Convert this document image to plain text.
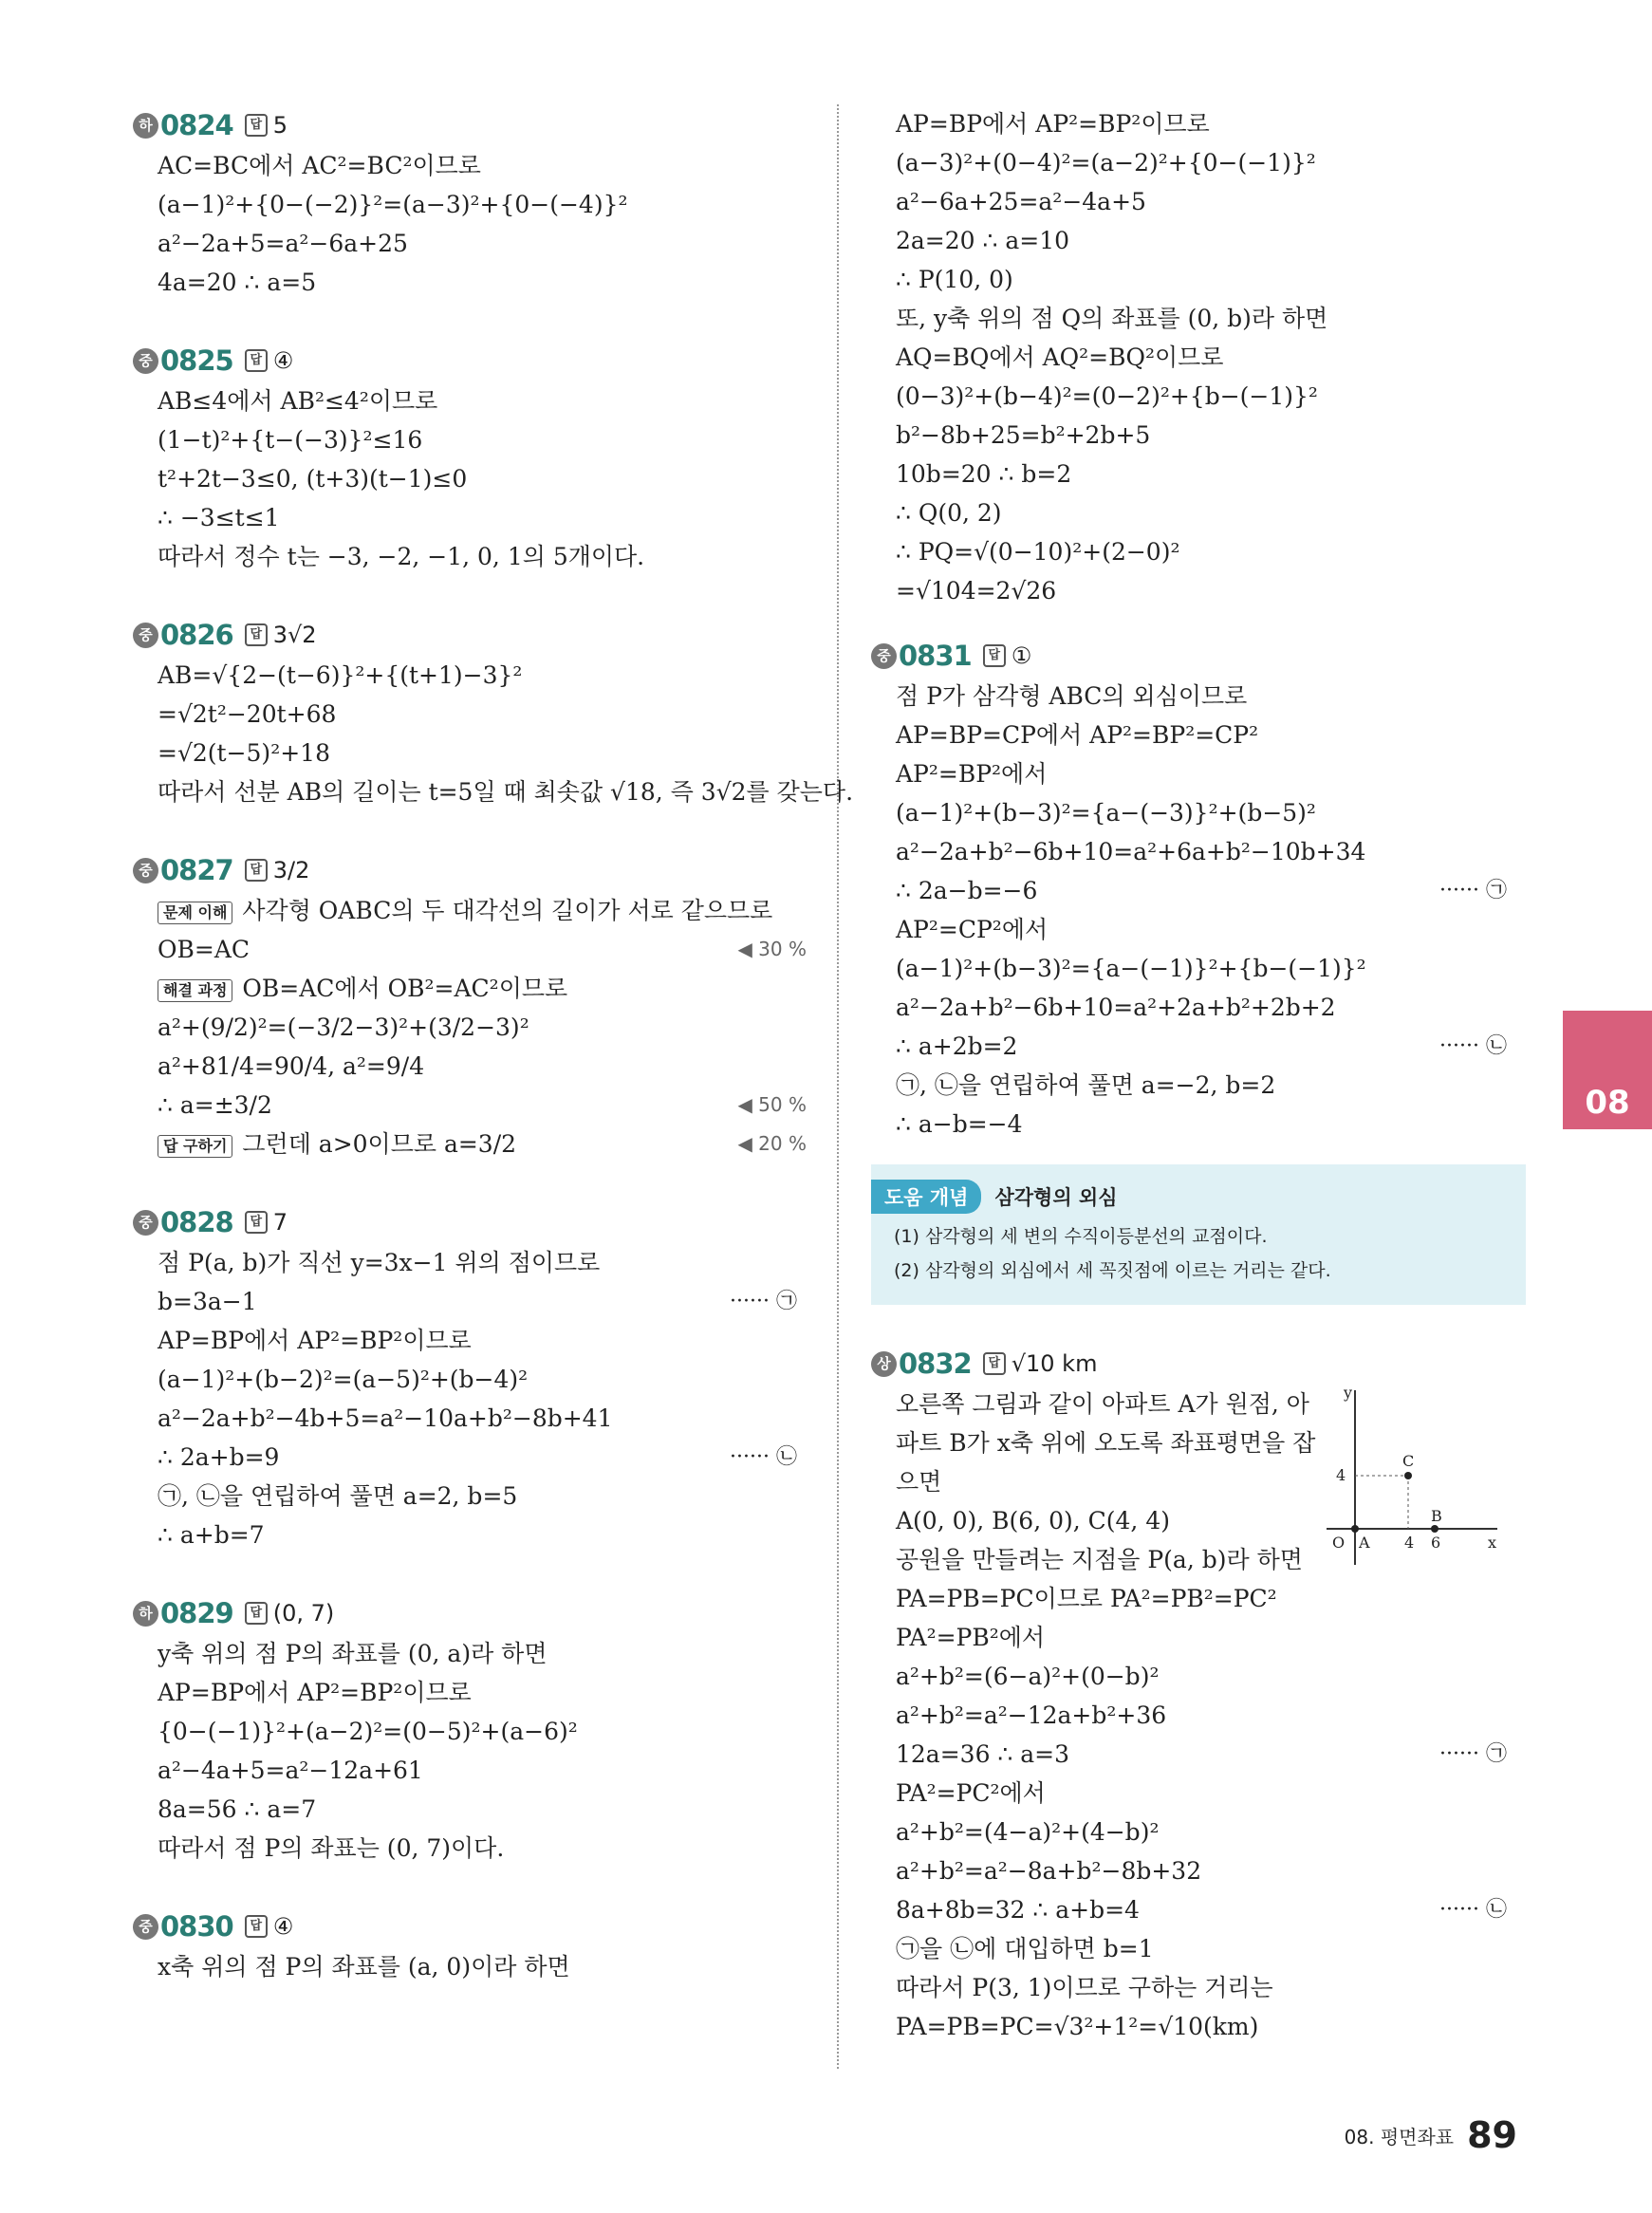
하 0824	답 5
AC=BC에서 AC²=BC²이므로
(a−1)²+{0−(−2)}²=(a−3)²+{0−(−4)}²
a²−2a+5=a²−6a+25
4a=20 ∴ a=5
중 0825	답 ④
AB≤4에서 AB²≤4²이므로
(1−t)²+{t−(−3)}²≤16
t²+2t−3≤0, (t+3)(t−1)≤0
∴ −3≤t≤1
따라서 정수 t는 −3, −2, −1, 0, 1의 5개이다.
중 0826	답 3√2
AB=√{2−(t−6)}²+{(t+1)−3}²
=√2t²−20t+68
=√2(t−5)²+18
따라서 선분 AB의 길이는 t=5일 때 최솟값 √18, 즉 3√2를 갖는다.
중 0827	답 3/2
문제 이해 사각형 OABC의 두 대각선의 길이가 서로 같으므로
OB=AC	◀ 30 %
해결 과정 OB=AC에서 OB²=AC²이므로
a²+(9/2)²=(−3/2−3)²+(3/2−3)²
a²+81/4=90/4, a²=9/4
∴ a=±3/2	◀ 50 %
답 구하기 그런데 a>0이므로 a=3/2	◀ 20 %
중 0828	답 7
점 P(a, b)가 직선 y=3x−1 위의 점이므로
b=3a−1	······ ㉠
AP=BP에서 AP²=BP²이므로
(a−1)²+(b−2)²=(a−5)²+(b−4)²
a²−2a+b²−4b+5=a²−10a+b²−8b+41
∴ 2a+b=9	······ ㉡
㉠, ㉡을 연립하여 풀면 a=2, b=5
∴ a+b=7
하 0829	답 (0, 7)
y축 위의 점 P의 좌표를 (0, a)라 하면
AP=BP에서 AP²=BP²이므로
{0−(−1)}²+(a−2)²=(0−5)²+(a−6)²
a²−4a+5=a²−12a+61
8a=56 ∴ a=7
따라서 점 P의 좌표는 (0, 7)이다.
중 0830	답 ④
x축 위의 점 P의 좌표를 (a, 0)이라 하면
AP=BP에서 AP²=BP²이므로
(a−3)²+(0−4)²=(a−2)²+{0−(−1)}²
a²−6a+25=a²−4a+5
2a=20 ∴ a=10
∴ P(10, 0)
또, y축 위의 점 Q의 좌표를 (0, b)라 하면
AQ=BQ에서 AQ²=BQ²이므로
(0−3)²+(b−4)²=(0−2)²+{b−(−1)}²
b²−8b+25=b²+2b+5
10b=20 ∴ b=2
∴ Q(0, 2)
∴ PQ=√(0−10)²+(2−0)²
=√104=2√26
중 0831	답 ①
점 P가 삼각형 ABC의 외심이므로
AP=BP=CP에서 AP²=BP²=CP²
AP²=BP²에서
(a−1)²+(b−3)²={a−(−3)}²+(b−5)²
a²−2a+b²−6b+10=a²+6a+b²−10b+34
∴ 2a−b=−6	······ ㉠
AP²=CP²에서
(a−1)²+(b−3)²={a−(−1)}²+{b−(−1)}²
a²−2a+b²−6b+10=a²+2a+b²+2b+2
∴ a+2b=2	······ ㉡
㉠, ㉡을 연립하여 풀면 a=−2, b=2
∴ a−b=−4
도움 개념 삼각형의 외심
(1) 삼각형의 세 변의 수직이등분선의 교점이다.
(2) 삼각형의 외심에서 세 꼭짓점에 이르는 거리는 같다.
상 0832	답 √10 km
오른쪽 그림과 같이 아파트 A가 원점, 아
파트 B가 x축 위에 오도록 좌표평면을 잡
으면
A(0, 0), B(6, 0), C(4, 4)
공원을 만들려는 지점을 P(a, b)라 하면
PA=PB=PC이므로 PA²=PB²=PC²
PA²=PB²에서
a²+b²=(6−a)²+(0−b)²
a²+b²=a²−12a+b²+36
12a=36 ∴ a=3	······ ㉠
PA²=PC²에서
a²+b²=(4−a)²+(4−b)²
a²+b²=a²−8a+b²−8b+32
8a+8b=32 ∴ a+b=4	······ ㉡
㉠을 ㉡에 대입하면 b=1
따라서 P(3, 1)이므로 구하는 거리는
PA=PB=PC=√3²+1²=√10(km)
y
x
O A
B
C
4
4 6
08
08. 평면좌표 89
